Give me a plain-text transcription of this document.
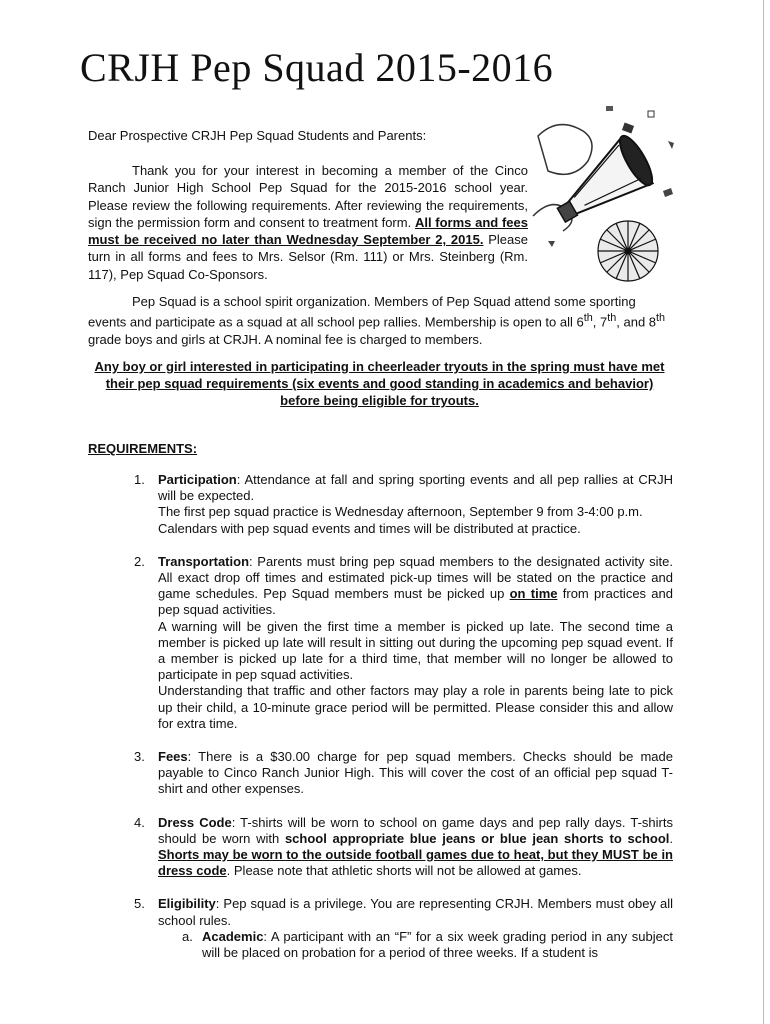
CRJH Pep Squad 2015-2016
Dear Prospective CRJH Pep Squad Students and Parents:

Thank you for your interest in becoming a member of the Cinco Ranch Junior High School Pep Squad for the 2015-2016 school year. Please review the following requirements. After reviewing the requirements, sign the permission form and consent to treatment form. All forms and fees must be received no later than Wednesday September 2, 2015. Please turn in all forms and fees to Mrs. Selsor (Rm. 111) or Mrs. Steinberg (Rm. 117), Pep Squad Co-Sponsors.

Pep Squad is a school spirit organization. Members of Pep Squad attend some sporting events and participate as a squad at all school pep rallies. Membership is open to all 6th, 7th, and 8th grade boys and girls at CRJH. A nominal fee is charged to members.

Any boy or girl interested in participating in cheerleader tryouts in the spring must have met their pep squad requirements (six events and good standing in academics and behavior) before being eligible for tryouts.
REQUIREMENTS:
1. Participation: Attendance at fall and spring sporting events and all pep rallies at CRJH will be expected.
The first pep squad practice is Wednesday afternoon, September 9 from 3-4:00 p.m.
Calendars with pep squad events and times will be distributed at practice.
2. Transportation: Parents must bring pep squad members to the designated activity site. All exact drop off times and estimated pick-up times will be stated on the practice and game schedules. Pep Squad members must be picked up on time from practices and pep squad activities.
A warning will be given the first time a member is picked up late. The second time a member is picked up late will result in sitting out during the upcoming pep squad event. If a member is picked up late for a third time, that member will no longer be allowed to participate in pep squad activities.
Understanding that traffic and other factors may play a role in parents being late to pick up their child, a 10-minute grace period will be permitted. Please consider this and allow for extra time.
3. Fees: There is a $30.00 charge for pep squad members. Checks should be made payable to Cinco Ranch Junior High. This will cover the cost of an official pep squad T-shirt and other expenses.
4. Dress Code: T-shirts will be worn to school on game days and pep rally days. T-shirts should be worn with school appropriate blue jeans or blue jean shorts to school. Shorts may be worn to the outside football games due to heat, but they MUST be in dress code. Please note that athletic shorts will not be allowed at games.
5. Eligibility: Pep squad is a privilege. You are representing CRJH. Members must obey all school rules.
a. Academic: A participant with an “F” for a six week grading period in any subject will be placed on probation for a period of three weeks. If a student is
